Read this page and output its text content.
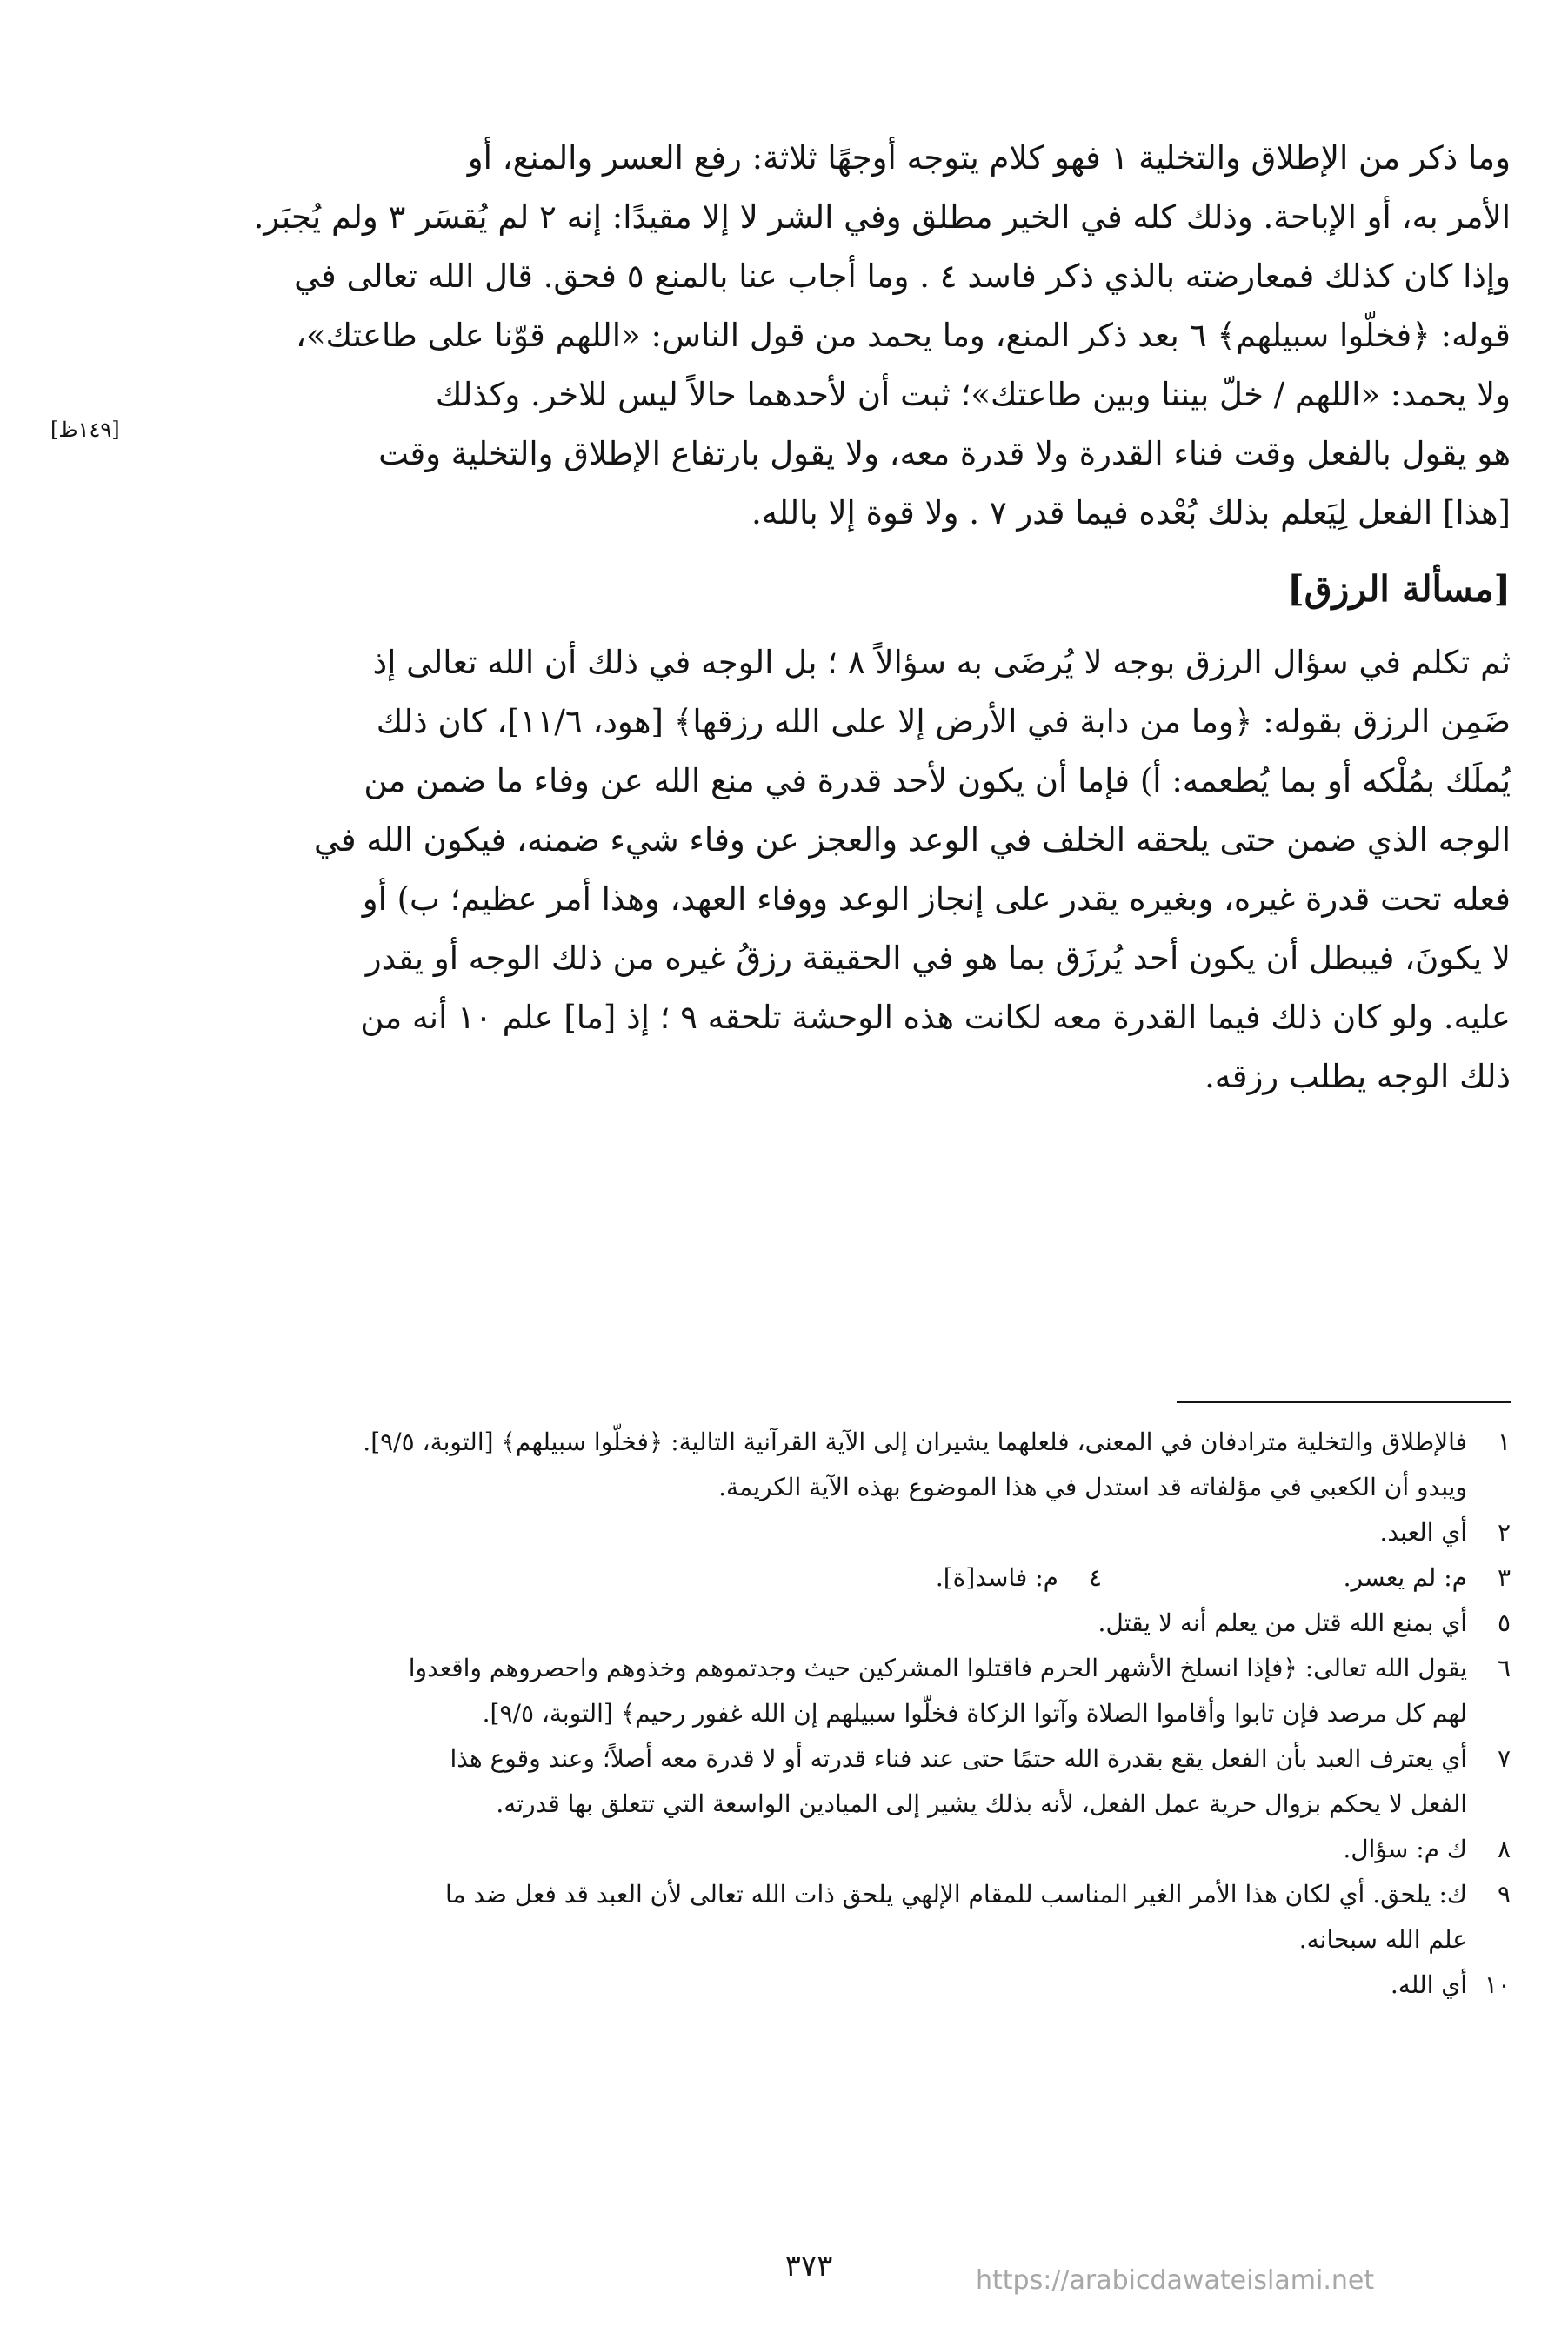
وما ذكر من الإطلاق والتخلية ١ فهو كلام يتوجه أوجهًا ثلاثة: رفع العسر والمنع، أو
الأمر به، أو الإباحة. وذلك كله في الخير مطلق وفي الشر لا إلا مقيدًا: إنه ٢ لم يُقسَر ٣ ولم يُجبَر.
وإذا كان كذلك فمعارضته بالذي ذكر فاسد ٤ . وما أجاب عنا بالمنع ٥ فحق. قال الله تعالى في
قوله: ﴿فخلّوا سبيلهم﴾ ٦ بعد ذكر المنع، وما يحمد من قول الناس: «اللهم قوّنا على طاعتك»،
ولا يحمد: «اللهم / خلّ بيننا وبين طاعتك»؛ ثبت أن لأحدهما حالاً ليس للاخر. وكذلك
هو يقول بالفعل وقت فناء القدرة ولا قدرة معه، ولا يقول بارتفاع الإطلاق والتخلية وقت
[هذا] الفعل لِيَعلم بذلك بُعْده فيما قدر ٧ . ولا قوة إلا بالله.

[مسألة الرزق]

ثم تكلم في سؤال الرزق بوجه لا يُرضَى به سؤالاً ٨ ؛ بل الوجه في ذلك أن الله تعالى إذ
ضَمِن الرزق بقوله: ﴿وما من دابة في الأرض إلا على الله رزقها﴾ [هود، ١١/٦]، كان ذلك
يُملَك بمُلْكه أو بما يُطعمه: أ) فإما أن يكون لأحد قدرة في منع الله عن وفاء ما ضمن من
الوجه الذي ضمن حتى يلحقه الخلف في الوعد والعجز عن وفاء شيء ضمنه، فيكون الله في
فعله تحت قدرة غيره، وبغيره يقدر على إنجاز الوعد ووفاء العهد، وهذا أمر عظيم؛ ب) أو
لا يكونَ، فيبطل أن يكون أحد يُرزَق بما هو في الحقيقة رزقُ غيره من ذلك الوجه أو يقدر
عليه. ولو كان ذلك فيما القدرة معه لكانت هذه الوحشة تلحقه ٩ ؛ إذ [ما] علم ١٠ أنه من
ذلك الوجه يطلب رزقه.

[١٤٩ظ]
١
فالإطلاق والتخلية مترادفان في المعنى، فلعلهما يشيران إلى الآية القرآنية التالية: ﴿فخلّوا سبيلهم﴾ [التوبة، ٩/٥].
ويبدو أن الكعبي في مؤلفاته قد استدل في هذا الموضوع بهذه الآية الكريمة.
٢
أي العبد.
٣
م: لم يعسر.
٤
م: فاسد[ة].
٥
أي بمنع الله قتل من يعلم أنه لا يقتل.
٦
يقول الله تعالى: ﴿فإذا انسلخ الأشهر الحرم فاقتلوا المشركين حيث وجدتموهم وخذوهم واحصروهم واقعدوا
لهم كل مرصد فإن تابوا وأقاموا الصلاة وآتوا الزكاة فخلّوا سبيلهم إن الله غفور رحيم﴾ [التوبة، ٩/٥].
٧
أي يعترف العبد بأن الفعل يقع بقدرة الله حتمًا حتى عند فناء قدرته أو لا قدرة معه أصلاً؛ وعند وقوع هذا
الفعل لا يحكم بزوال حرية عمل الفعل، لأنه بذلك يشير إلى الميادين الواسعة التي تتعلق بها قدرته.
٨
ك م: سؤال.
٩
ك: يلحق. أي لكان هذا الأمر الغير المناسب للمقام الإلهي يلحق ذات الله تعالى لأن العبد قد فعل ضد ما
علم الله سبحانه.
١٠
أي الله.
٣٧٣	https://arabicdawateislami.net
